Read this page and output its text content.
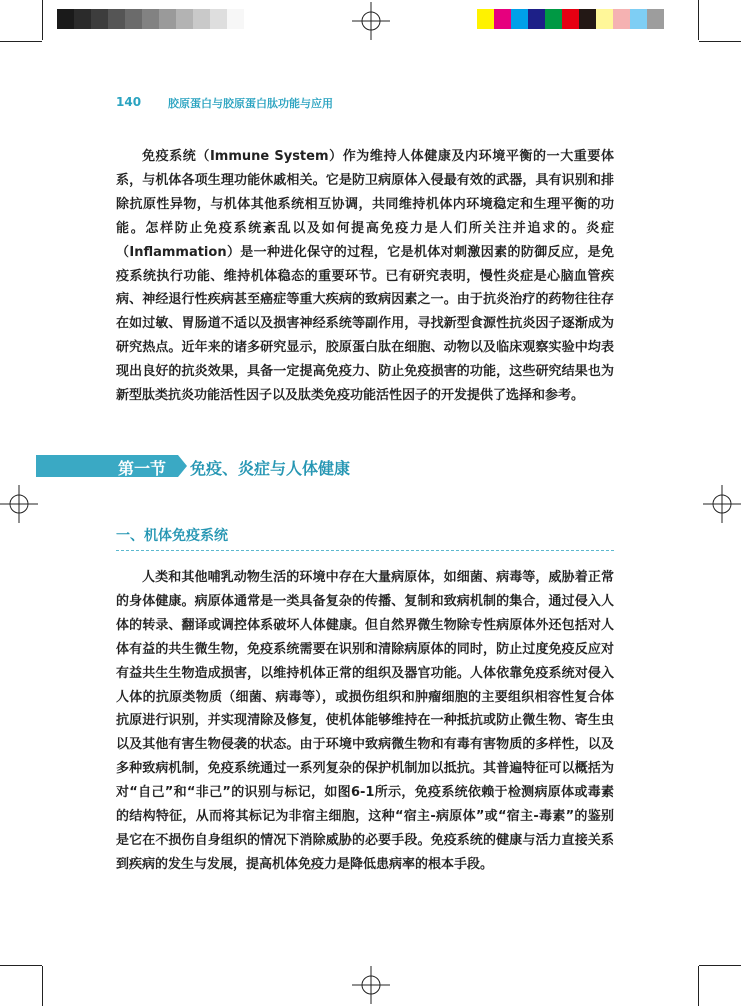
140 胶原蛋白与胶原蛋白肽功能与应用
免疫系统（Immune System）作为维持人体健康及内环境平衡的一大重要体系，与机体各项生理功能休戚相关。它是防卫病原体入侵最有效的武器，具有识别和排除抗原性异物，与机体其他系统相互协调，共同维持机体内环境稳定和生理平衡的功能。怎样防止免疫系统紊乱以及如何提高免疫力是人们所关注并追求的。炎症（Inflammation）是一种进化保守的过程，它是机体对刺激因素的防御反应，是免疫系统执行功能、维持机体稳态的重要环节。已有研究表明，慢性炎症是心脑血管疾病、神经退行性疾病甚至癌症等重大疾病的致病因素之一。由于抗炎治疗的药物往往存在如过敏、胃肠道不适以及损害神经系统等副作用，寻找新型食源性抗炎因子逐渐成为研究热点。近年来的诸多研究显示，胶原蛋白肽在细胞、动物以及临床观察实验中均表现出良好的抗炎效果，具备一定提高免疫力、防止免疫损害的功能，这些研究结果也为新型肽类抗炎功能活性因子以及肽类免疫功能活性因子的开发提供了选择和参考。
第一节 免疫、炎症与人体健康
一、机体免疫系统
人类和其他哺乳动物生活的环境中存在大量病原体，如细菌、病毒等，威胁着正常的身体健康。病原体通常是一类具备复杂的传播、复制和致病机制的集合，通过侵入人体的转录、翻译或调控体系破坏人体健康。但自然界微生物除专性病原体外还包括对人体有益的共生微生物，免疫系统需要在识别和清除病原体的同时，防止过度免疫反应对有益共生生物造成损害，以维持机体正常的组织及器官功能。人体依靠免疫系统对侵入人体的抗原类物质（细菌、病毒等），或损伤组织和肿瘤细胞的主要组织相容性复合体抗原进行识别，并实现清除及修复，使机体能够维持在一种抵抗或防止微生物、寄生虫以及其他有害生物侵袭的状态。由于环境中致病微生物和有毒有害物质的多样性，以及多种致病机制，免疫系统通过一系列复杂的保护机制加以抵抗。其普遍特征可以概括为对“自己”和“非己”的识别与标记，如图6-1所示，免疫系统依赖于检测病原体或毒素的结构特征，从而将其标记为非宿主细胞，这种“宿主-病原体”或“宿主-毒素”的鉴别是它在不损伤自身组织的情况下消除威胁的必要手段。免疫系统的健康与活力直接关系到疾病的发生与发展，提高机体免疫力是降低患病率的根本手段。
